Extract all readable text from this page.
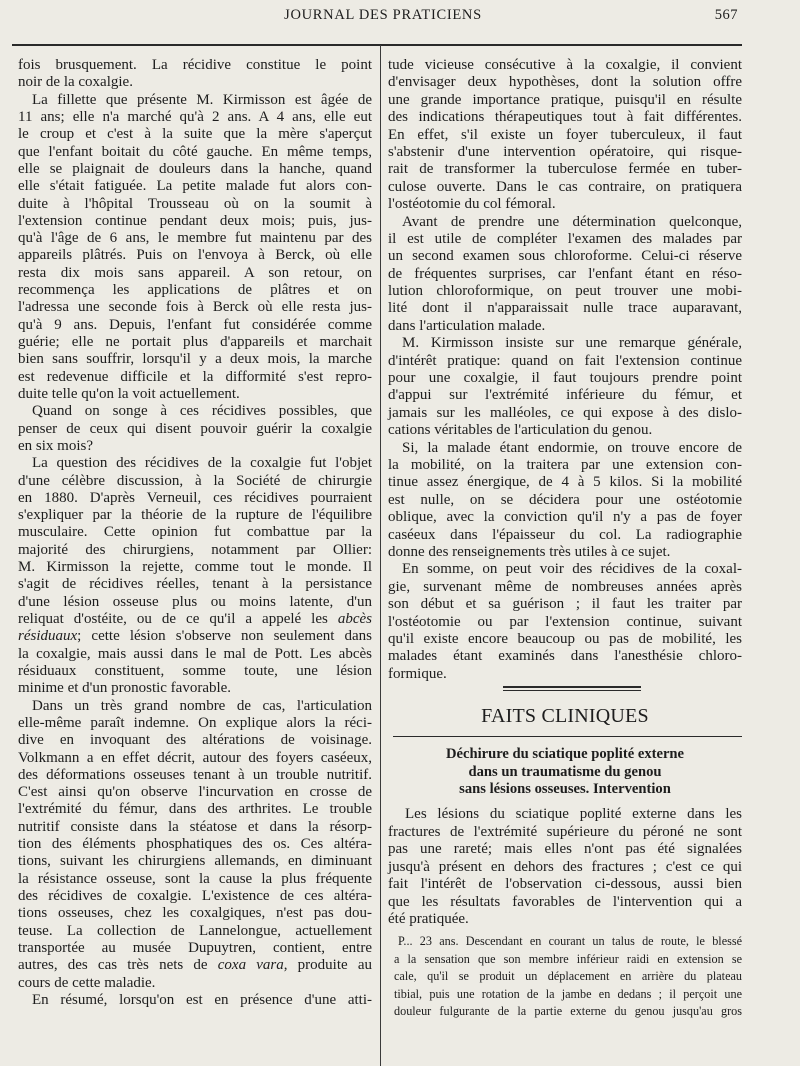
JOURNAL DES PRATICIENS	567
fois brusquement. La récidive constitue le point
noir de la coxalgie.
La fillette que présente M. Kirmisson est âgée de
11 ans; elle n'a marché qu'à 2 ans. A 4 ans, elle eut
le croup et c'est à la suite que la mère s'aperçut
que l'enfant boitait du côté gauche. En même temps,
elle se plaignait de douleurs dans la hanche, quand
elle s'était fatiguée. La petite malade fut alors con-
duite à l'hôpital Trousseau où on la soumit à
l'extension continue pendant deux mois; puis, jus-
qu'à l'âge de 6 ans, le membre fut maintenu par des
appareils plâtrés. Puis on l'envoya à Berck, où elle
resta dix mois sans appareil. A son retour, on
recommença les applications de plâtres et on
l'adressa une seconde fois à Berck où elle resta jus-
qu'à 9 ans. Depuis, l'enfant fut considérée comme
guérie; elle ne portait plus d'appareils et marchait
bien sans souffrir, lorsqu'il y a deux mois, la marche
est redevenue difficile et la difformité s'est repro-
duite telle qu'on la voit actuellement.
Quand on songe à ces récidives possibles, que
penser de ceux qui disent pouvoir guérir la coxalgie
en six mois?
La question des récidives de la coxalgie fut l'objet
d'une célèbre discussion, à la Société de chirurgie
en 1880. D'après Verneuil, ces récidives pourraient
s'expliquer par la théorie de la rupture de l'équilibre
musculaire. Cette opinion fut combattue par la
majorité des chirurgiens, notamment par Ollier:
M. Kirmisson la rejette, comme tout le monde. Il
s'agit de récidives réelles, tenant à la persistance
d'une lésion osseuse plus ou moins latente, d'un
reliquat d'ostéite, ou de ce qu'il a appelé les abcès
résiduaux; cette lésion s'observe non seulement dans
la coxalgie, mais aussi dans le mal de Pott. Les abcès
résiduaux constituent, somme toute, une lésion
minime et d'un pronostic favorable.
Dans un très grand nombre de cas, l'articulation
elle-même paraît indemne. On explique alors la réci-
dive en invoquant des altérations de voisinage.
Volkmann a en effet décrit, autour des foyers caséeux,
des déformations osseuses tenant à un trouble nutritif.
C'est ainsi qu'on observe l'incurvation en crosse de
l'extrémité du fémur, dans des arthrites. Le trouble
nutritif consiste dans la stéatose et dans la résorp-
tion des éléments phosphatiques des os. Ces altéra-
tions, suivant les chirurgiens allemands, en diminuant
la résistance osseuse, sont la cause la plus fréquente
des récidives de coxalgie. L'existence de ces altéra-
tions osseuses, chez les coxalgiques, n'est pas dou-
teuse. La collection de Lannelongue, actuellement
transportée au musée Dupuytren, contient, entre
autres, des cas très nets de coxa vara, produite au
cours de cette maladie.
En résumé, lorsqu'on est en présence d'une atti-
tude vicieuse consécutive à la coxalgie, il convient
d'envisager deux hypothèses, dont la solution offre
une grande importance pratique, puisqu'il en résulte
des indications thérapeutiques tout à fait différentes.
En effet, s'il existe un foyer tuberculeux, il faut
s'abstenir d'une intervention opératoire, qui risque-
rait de transformer la tuberculose fermée en tuber-
culose ouverte. Dans le cas contraire, on pratiquera
l'ostéotomie du col fémoral.
Avant de prendre une détermination quelconque,
il est utile de compléter l'examen des malades par
un second examen sous chloroforme. Celui-ci réserve
de fréquentes surprises, car l'enfant étant en réso-
lution chloroformique, on peut trouver une mobi-
lité dont il n'apparaissait nulle trace auparavant,
dans l'articulation malade.
M. Kirmisson insiste sur une remarque générale,
d'intérêt pratique: quand on fait l'extension continue
pour une coxalgie, il faut toujours prendre point
d'appui sur l'extrémité inférieure du fémur, et
jamais sur les malléoles, ce qui expose à des dislo-
cations véritables de l'articulation du genou.
Si, la malade étant endormie, on trouve encore de
la mobilité, on la traitera par une extension con-
tinue assez énergique, de 4 à 5 kilos. Si la mobilité
est nulle, on se décidera pour une ostéotomie
oblique, avec la conviction qu'il n'y a pas de foyer
caséeux dans l'épaisseur du col. La radiographie
donne des renseignements très utiles à ce sujet.
En somme, on peut voir des récidives de la coxal-
gie, survenant même de nombreuses années après
son début et sa guérison ; il faut les traiter par
l'ostéotomie ou par l'extension continue, suivant
qu'il existe encore beaucoup ou pas de mobilité, les
malades étant examinés dans l'anesthésie chloro-
formique.
FAITS CLINIQUES
Déchirure du sciatique poplité externe
dans un traumatisme du genou
sans lésions osseuses. Intervention
Les lésions du sciatique poplité externe dans les
fractures de l'extrémité supérieure du péroné ne sont
pas une rareté; mais elles n'ont pas été signalées
jusqu'à présent en dehors des fractures ; c'est ce qui
fait l'intérêt de l'observation ci-dessous, aussi bien
que les résultats favorables de l'intervention qui a
été pratiquée.
P... 23 ans. Descendant en courant un talus de route, le blessé
a la sensation que son membre inférieur raidi en extension se
cale, qu'il se produit un déplacement en arrière du plateau
tibial, puis une rotation de la jambe en dedans ; il perçoit une
douleur fulgurante de la partie externe du genou jusqu'au gros
